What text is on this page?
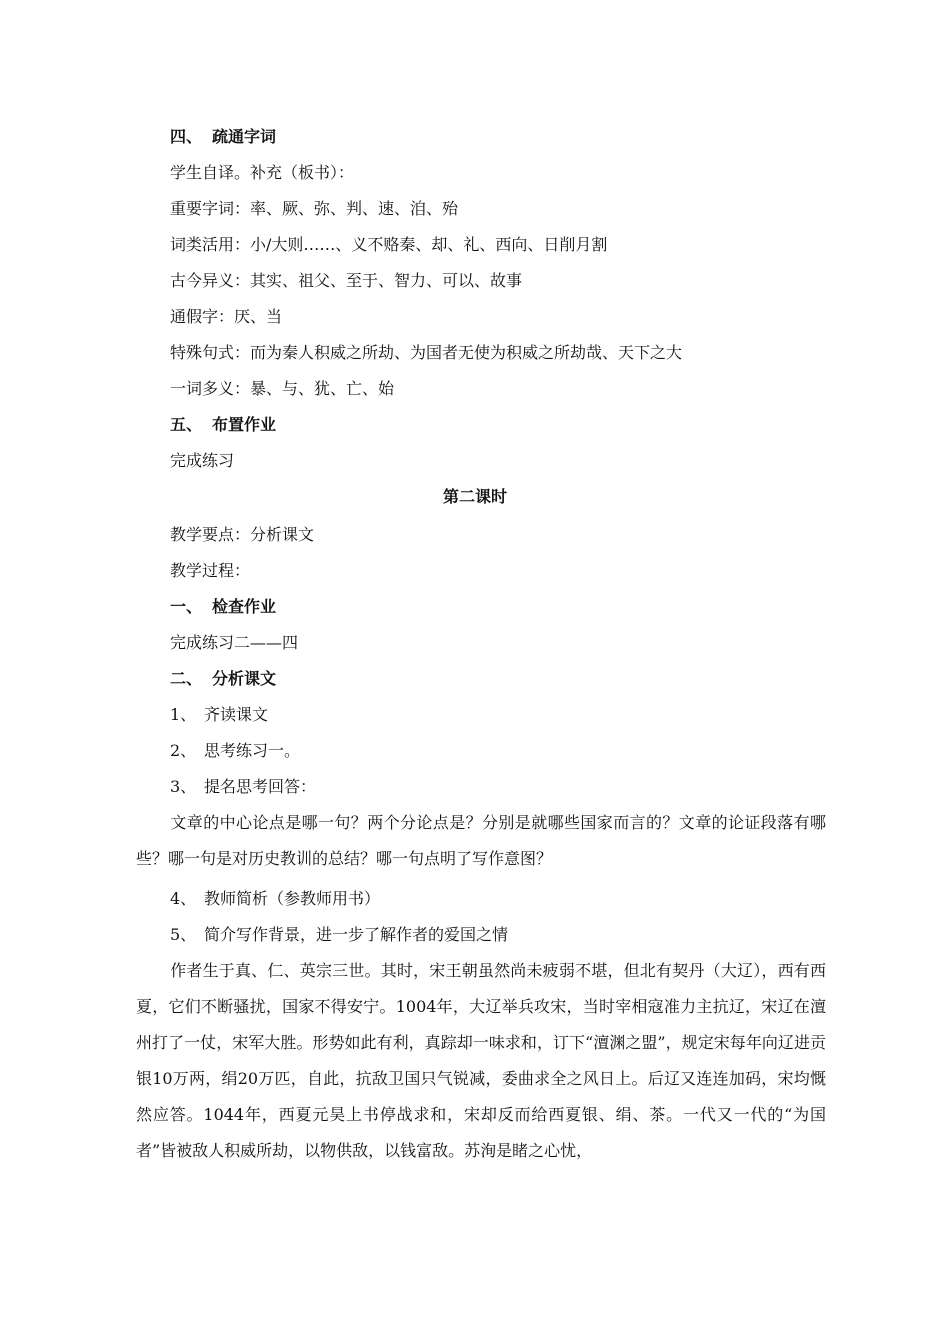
四、 疏通字词
学生自译。补充（板书）：
重要字词：率、厥、弥、判、速、洎、殆
词类活用：小/大则……、义不赂秦、却、礼、西向、日削月割
古今异义：其实、祖父、至于、智力、可以、故事
通假字：厌、当
特殊句式：而为秦人积威之所劫、为国者无使为积威之所劫哉、天下之大
一词多义：暴、与、犹、亡、始
五、 布置作业
完成练习
第二课时
教学要点：分析课文
教学过程：
一、 检查作业
完成练习二——四
二、 分析课文
1、 齐读课文
2、 思考练习一。
3、 提名思考回答：
文章的中心论点是哪一句？两个分论点是？分别是就哪些国家而言的？文章的论证段落有哪些？哪一句是对历史教训的总结？哪一句点明了写作意图？
4、 教师简析（参教师用书）
5、 简介写作背景，进一步了解作者的爱国之情
作者生于真、仁、英宗三世。其时，宋王朝虽然尚未疲弱不堪，但北有契丹（大辽），西有西夏，它们不断骚扰，国家不得安宁。1004年，大辽举兵攻宋，当时宰相寇准力主抗辽，宋辽在澶州打了一仗，宋军大胜。形势如此有利，真踪却一味求和，订下“澶渊之盟”，规定宋每年向辽进贡银10万两，绢20万匹，自此，抗敌卫国只气锐减，委曲求全之风日上。后辽又连连加码，宋均慨然应答。1044年，西夏元昊上书停战求和，宋却反而给西夏银、绢、茶。一代又一代的“为国者”皆被敌人积威所劫，以物供敌，以钱富敌。苏洵是睹之心忧，
